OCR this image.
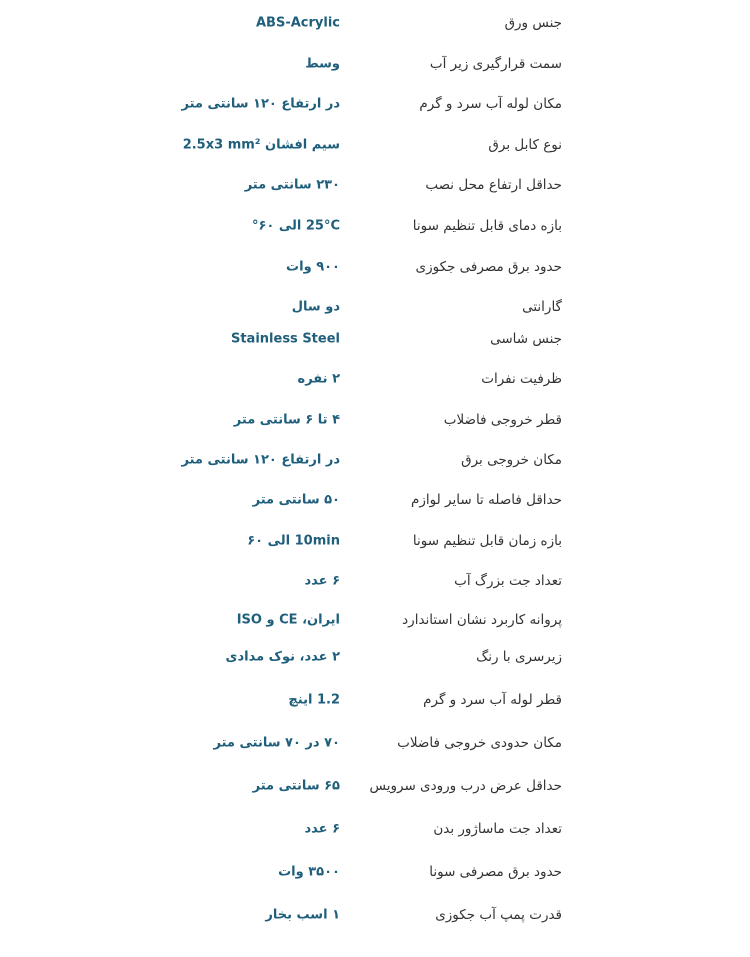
جنس ورق
ABS-Acrylic
سمت قرارگیری زیر آب
وسط
مکان لوله آب سرد و گرم
در ارتفاع ۱۲۰ سانتی متر
نوع کابل برق
سیم افشان 2.5x3 mm²
حداقل ارتفاع محل نصب
۲۳۰ سانتی متر
بازه دمای قابل تنظیم سونا
25°C الی ۶۰°
حدود برق مصرفی جکوزی
۹۰۰ وات
گارانتی
دو سال
جنس شاسی
Stainless Steel
ظرفیت نفرات
۲ نفره
قطر خروجی فاضلاب
۴ تا ۶ سانتی متر
مکان خروجی برق
در ارتفاع ۱۲۰ سانتی متر
حداقل فاصله تا سایر لوازم
۵۰ سانتی متر
بازه زمان قابل تنظیم سونا
10min الی ۶۰
تعداد جت بزرگ آب
۶ عدد
پروانه کاربرد نشان استاندارد
ایران، CE و ISO
زیرسری با رنگ
۲ عدد، نوک مدادی
قطر لوله آب سرد و گرم
1.2 اینچ
مکان حدودی خروجی فاضلاب
۷۰ در ۷۰ سانتی متر
حداقل عرض درب ورودی سرویس
۶۵ سانتی متر
تعداد جت ماساژور بدن
۶ عدد
حدود برق مصرفی سونا
۳۵۰۰ وات
قدرت پمپ آب جکوزی
۱ اسب بخار
